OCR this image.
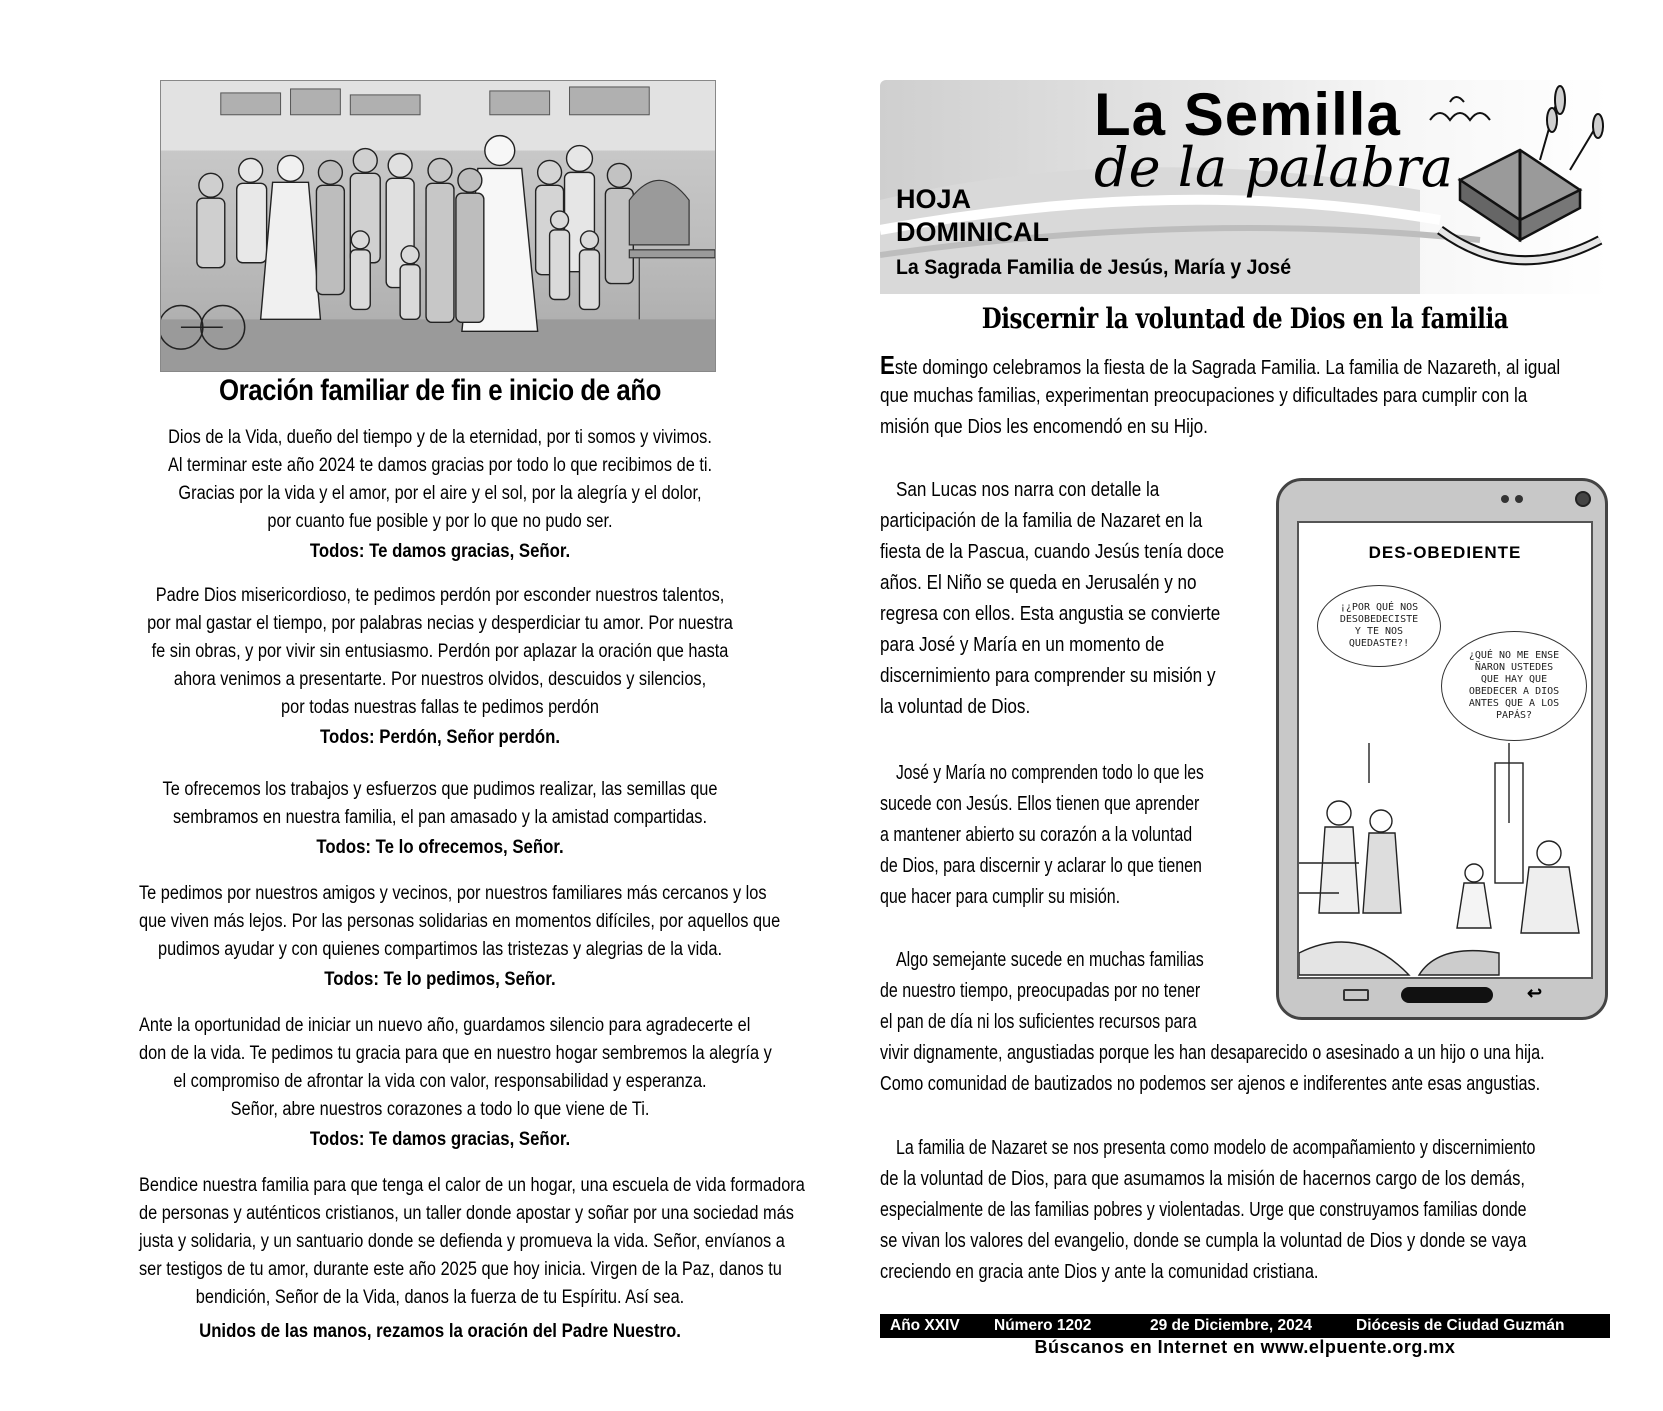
Oración familiar de fin e inicio de año
Dios de la Vida, dueño del tiempo y de la eternidad, por ti somos y vivimos.
Al terminar este año 2024 te damos gracias por todo lo que recibimos de ti.
Gracias por la vida y el amor, por el aire y el sol, por la alegría y el dolor,
por cuanto fue posible y por lo que no pudo ser.
Todos: Te damos gracias, Señor.
Padre Dios misericordioso, te pedimos perdón por esconder nuestros talentos,
por mal gastar el tiempo, por palabras necias y desperdiciar tu amor. Por nuestra
fe sin obras, y por vivir sin entusiasmo. Perdón por aplazar la oración que hasta
ahora venimos a presentarte. Por nuestros olvidos, descuidos y silencios,
por todas nuestras fallas te pedimos perdón
Todos: Perdón, Señor perdón.
Te ofrecemos los trabajos y esfuerzos que pudimos realizar, las semillas que
sembramos en nuestra familia, el pan amasado y la amistad compartidas.
Todos: Te lo ofrecemos, Señor.
Te pedimos por nuestros amigos y vecinos, por nuestros familiares más cercanos y los
que viven más lejos. Por las personas solidarias en momentos difíciles, por aquellos que
pudimos ayudar y con quienes compartimos las tristezas y alegrias de la vida.
Todos: Te lo pedimos, Señor.
Ante la oportunidad de iniciar un nuevo año, guardamos silencio para agradecerte el
don de la vida. Te pedimos tu gracia para que en nuestro hogar sembremos la alegría y
el compromiso de afrontar la vida con valor, responsabilidad y esperanza.
Señor, abre nuestros corazones a todo lo que viene de Ti.
Todos: Te damos gracias, Señor.
Bendice nuestra familia para que tenga el calor de un hogar, una escuela de vida formadora
de personas y auténticos cristianos, un taller donde apostar y soñar por una sociedad más
justa y solidaria, y un santuario donde se defienda y promueva la vida. Señor, envíanos a
ser testigos de tu amor, durante este año 2025 que hoy inicia. Virgen de la Paz, danos tu
bendición, Señor de la Vida, danos la fuerza de tu Espíritu. Así sea.
Unidos de las manos, rezamos la oración del Padre Nuestro.
La Semilla
de la palabra
HOJA
DOMINICAL
La Sagrada Familia de Jesús, María y José
Discernir la voluntad de Dios en la familia
Este domingo celebramos la fiesta de la Sagrada Familia. La familia de Nazareth, al igual
que muchas familias, experimentan preocupaciones y dificultades para cumplir con la
misión que Dios les encomendó en su Hijo.
San Lucas nos narra con detalle la
participación de la familia de Nazaret en la
fiesta de la Pascua, cuando Jesús tenía doce
años. El Niño se queda en Jerusalén y no
regresa con ellos. Esta angustia se convierte
para José y María en un momento de
discernimiento para comprender su misión y
la voluntad de Dios.
José y María no comprenden todo lo que les
sucede con Jesús. Ellos tienen que aprender
a mantener abierto su corazón a la voluntad
de Dios, para discernir y aclarar lo que tienen
que hacer para cumplir su misión.
Algo semejante sucede en muchas familias
de nuestro tiempo, preocupadas por no tener
el pan de día ni los suficientes recursos para
vivir dignamente, angustiadas porque les han desaparecido o asesinado a un hijo o una hija.
Como comunidad de bautizados no podemos ser ajenos e indiferentes ante esas angustias.
La familia de Nazaret se nos presenta como modelo de acompañamiento y discernimiento
de la voluntad de Dios, para que asumamos la misión de hacernos cargo de los demás,
especialmente de las familias pobres y violentadas. Urge que construyamos familias donde
se vivan los valores del evangelio, donde se cumpla la voluntad de Dios y donde se vaya
creciendo en gracia ante Dios y ante la comunidad cristiana.
DES-OBEDIENTE
¡¿POR QUÉ NOS
DESOBEDECISTE
Y TE NOS
QUEDASTE?!
¿QUÉ NO ME ENSE
ÑARON USTEDES
QUE HAY QUE
OBEDECER A DIOS
ANTES QUE A LOS
PAPÁS?
↩
Año XXIV Número 1202	29 de Diciembre, 2024	Diócesis de Ciudad Guzmán
Búscanos en Internet en www.elpuente.org.mx
